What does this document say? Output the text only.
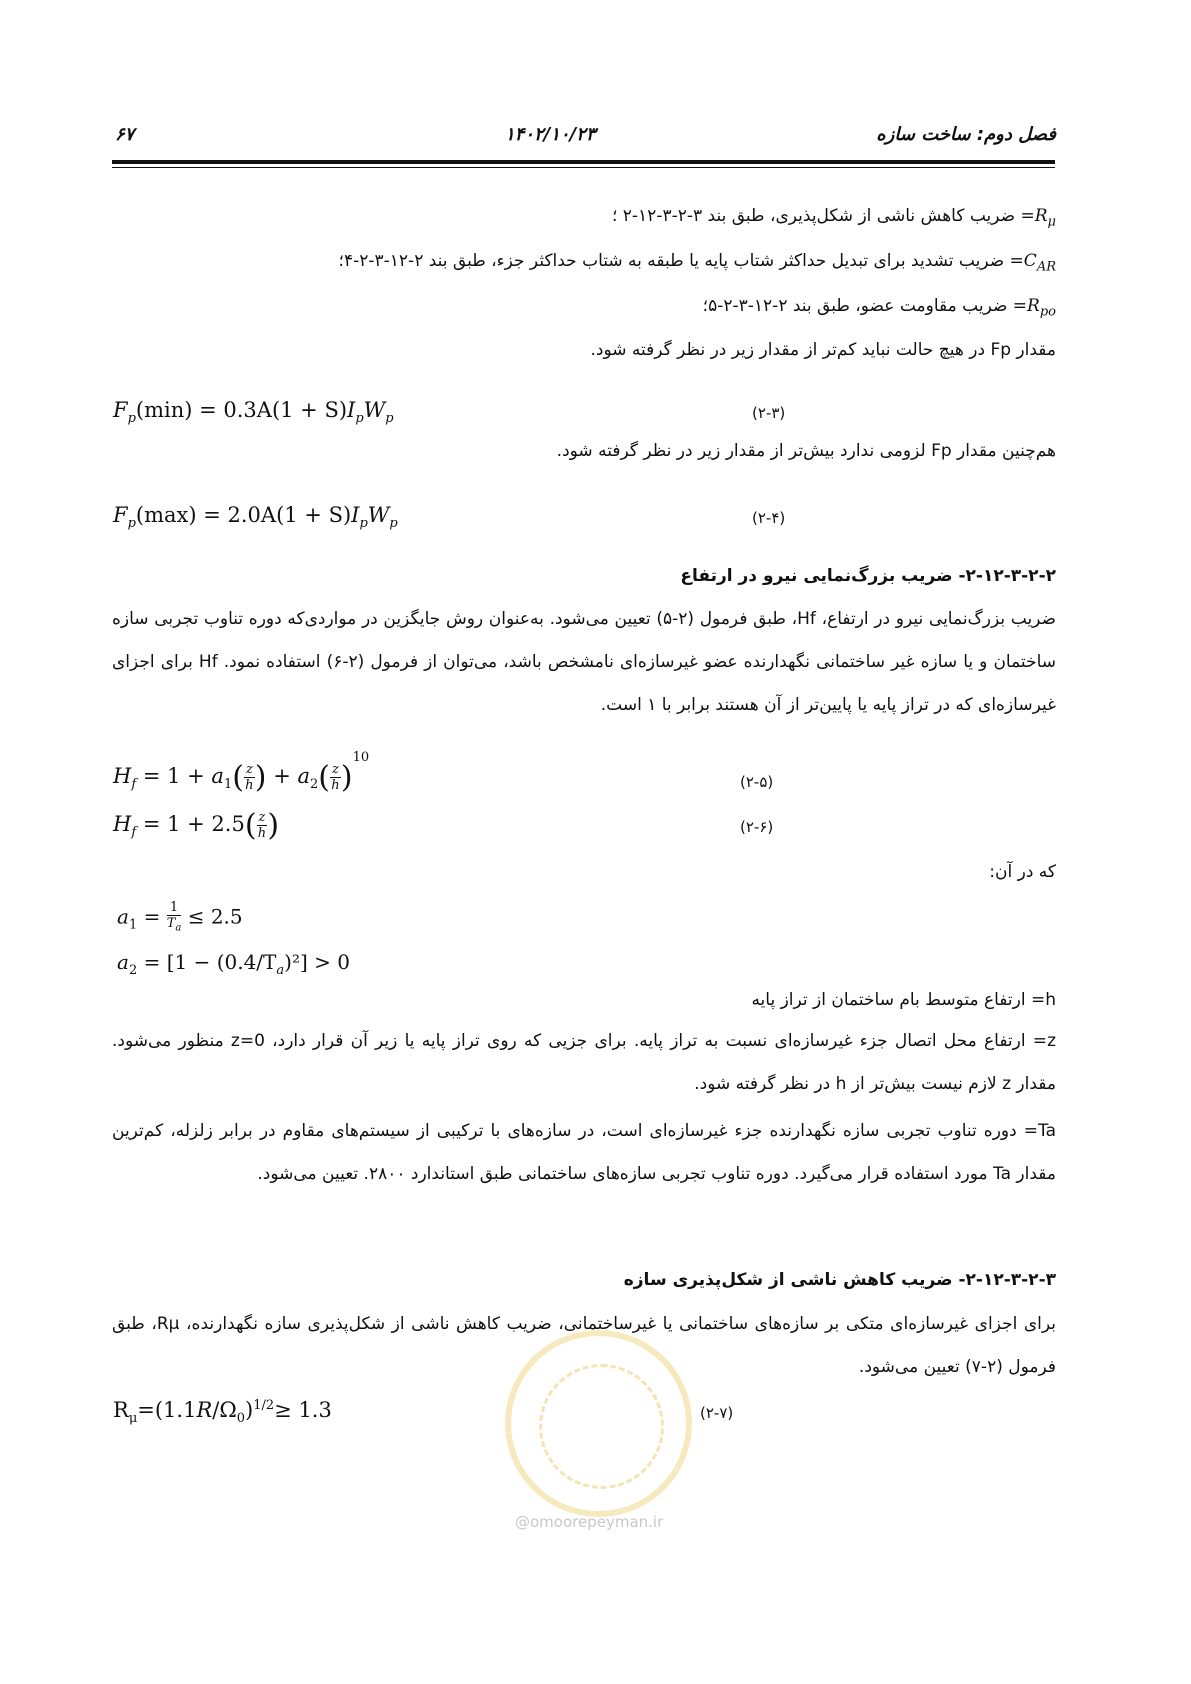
فصل دوم: ساخت سازه
۱۴۰۲/۱۰/۲۳
۶۷
$R_\mu=$ ضریب کاهش ناشی از شکل‌پذیری، طبق بند ۳-۲-۳-۱۲-۲ ؛
$C_{AR}=$ ضریب تشدید برای تبدیل حداکثر شتاب پایه یا طبقه به شتاب حداکثر جزء، طبق بند ۲-۱۲-۳-۲-۴؛
$R_{po}=$ ضریب مقاومت عضو، طبق بند ۲-۱۲-۳-۲-۵؛
مقدار Fp در هیچ حالت نباید کم‌تر از مقدار زیر در نظر گرفته شود.
$F_p(\min) = 0.3A(1 + S)I_pW_p$	(۲-۳)
هم‌چنین مقدار Fp لزومی ندارد بیش‌تر از مقدار زیر در نظر گرفته شود.
$F_p(\max) = 2.0A(1 + S)I_pW_p$	(۲-۴)
۲-۱۲-۳-۲-۲- ضریب بزرگ‌نمایی نیرو در ارتفاع
ضریب بزرگ‌نمایی نیرو در ارتفاع، Hf، طبق فرمول (۲-۵) تعیین می‌شود. به‌عنوان روش جایگزین در مواردی‌که دوره تناوب تجربی سازه ساختمان و یا سازه غیر ساختمانی نگهدارنده عضو غیرسازه‌ای نامشخص باشد، می‌توان از فرمول (۲-۶) استفاده نمود. Hf برای اجزای غیرسازه‌ای که در تراز پایه یا پایین‌تر از آن هستند برابر با ۱ است.
$H_f = 1 + a_1( \frac{z}{h}$ ) + $a_2( \frac{z}{h} )^{10}$
(۲-۵)
$H_f = 1 + 2.5( \frac{z}{h}$ )	(۲-۶)
که در آن:
$a_1 = \frac{1}{T_a} \le 2.5$
$a_2 = [1 - (0.4/T_a)^2] > 0$
h= ارتفاع متوسط بام ساختمان از تراز پایه
z= ارتفاع محل اتصال جزء غیرسازه‌ای نسبت به تراز پایه. برای جزیی که روی تراز پایه یا زیر آن قرار دارد، z=0 منظور می‌شود. مقدار z لازم نیست بیش‌تر از h در نظر گرفته شود.
Ta= دوره تناوب تجربی سازه نگهدارنده جزء غیرسازه‌ای است، در سازه‌های با ترکیبی از سیستم‌های مقاوم در برابر زلزله، کم‌ترین مقدار Ta مورد استفاده قرار می‌گیرد. دوره تناوب تجربی سازه‌های ساختمانی طبق استاندارد ۲۸۰۰. تعیین می‌شود.
۲-۱۲-۳-۲-۳- ضریب کاهش ناشی از شکل‌پذیری سازه
برای اجزای غیرسازه‌ای متکی بر سازه‌های ساختمانی یا غیرساختمانی، ضریب کاهش ناشی از شکل‌پذیری سازه نگهدارنده، Rμ، طبق فرمول (۲-۷) تعیین می‌شود.
@omoorepeyman.ir
$R_\mu=(1.1R/\Omega_0)^{1/2}\ge 1.3$	(۲-۷)
